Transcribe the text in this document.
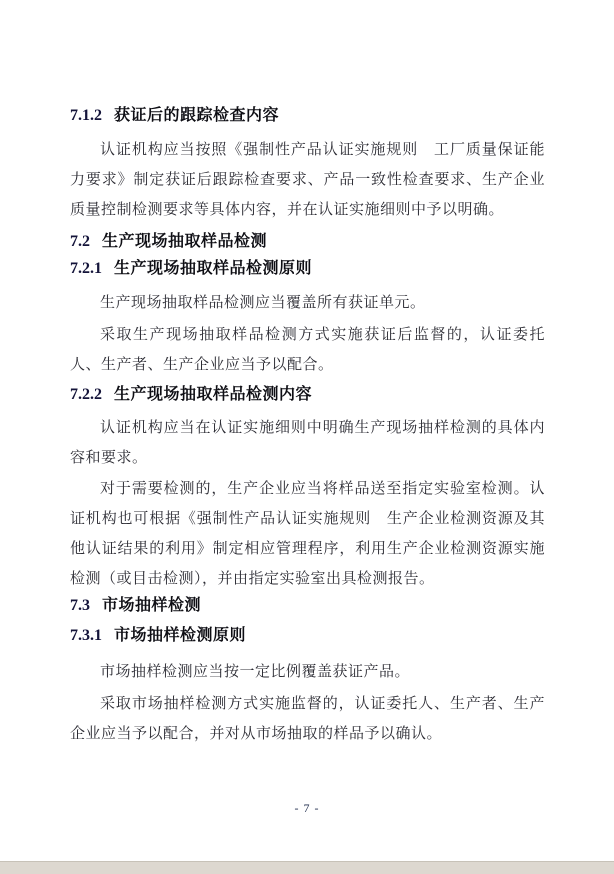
7.1.2 获证后的跟踪检查内容

认证机构应当按照《强制性产品认证实施规则　工厂质量保证能力要求》制定获证后跟踪检查要求、产品一致性检查要求、生产企业质量控制检测要求等具体内容，并在认证实施细则中予以明确。

7.2 生产现场抽取样品检测
7.2.1 生产现场抽取样品检测原则

生产现场抽取样品检测应当覆盖所有获证单元。

采取生产现场抽取样品检测方式实施获证后监督的，认证委托人、生产者、生产企业应当予以配合。

7.2.2 生产现场抽取样品检测内容

认证机构应当在认证实施细则中明确生产现场抽样检测的具体内容和要求。

对于需要检测的，生产企业应当将样品送至指定实验室检测。认证机构也可根据《强制性产品认证实施规则　生产企业检测资源及其他认证结果的利用》制定相应管理程序，利用生产企业检测资源实施检测（或目击检测），并由指定实验室出具检测报告。

7.3 市场抽样检测
7.3.1 市场抽样检测原则

市场抽样检测应当按一定比例覆盖获证产品。

采取市场抽样检测方式实施监督的，认证委托人、生产者、生产企业应当予以配合，并对从市场抽取的样品予以确认。

- 7 -
